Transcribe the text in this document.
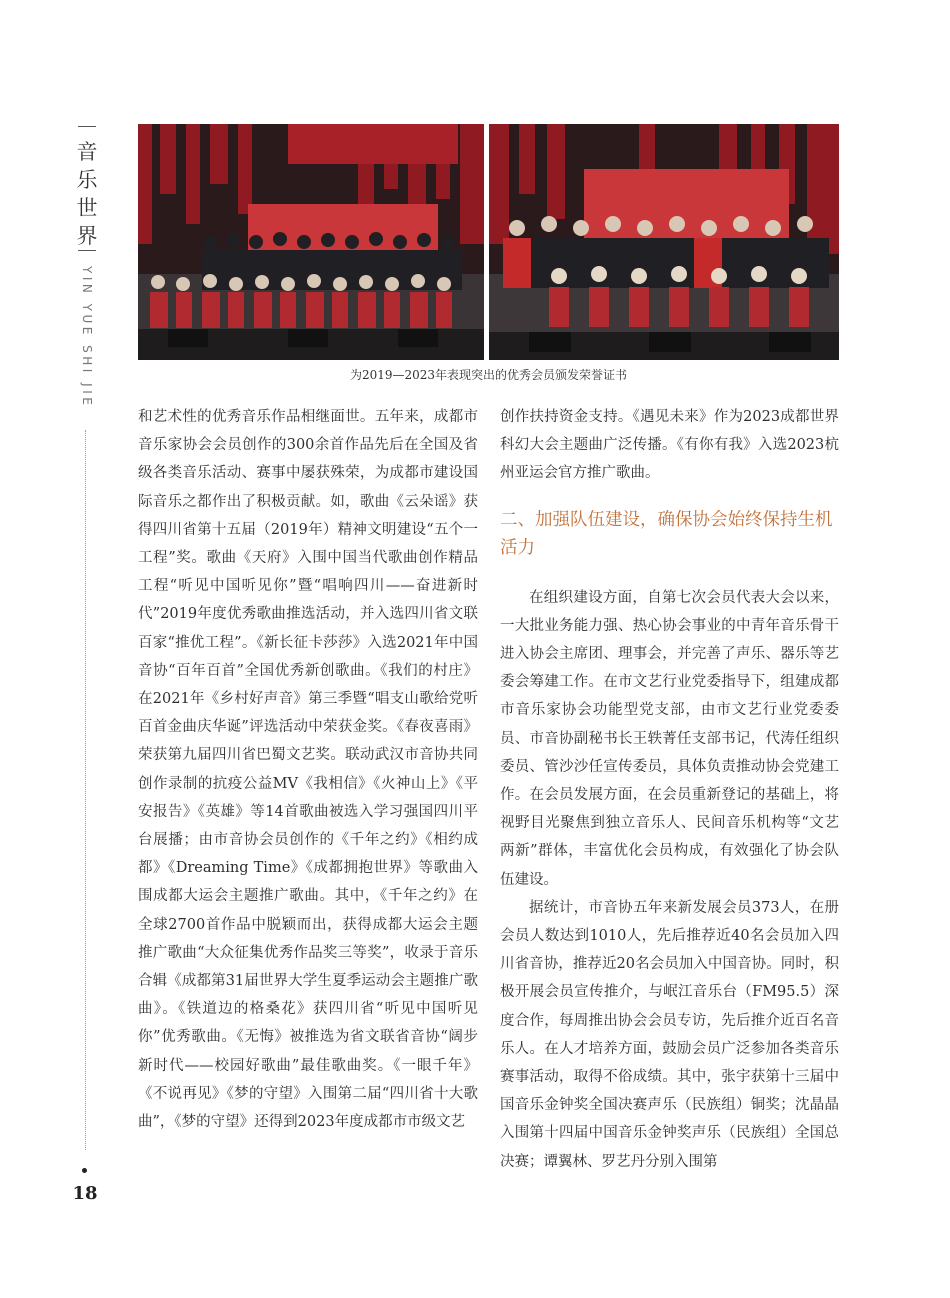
音
乐
世
界
YIN YUE SHI JIE
18
为2019—2023年表现突出的优秀会员颁发荣誉证书

和艺术性的优秀音乐作品相继面世。五年来，成都市音乐家协会会员创作的300余首作品先后在全国及省级各类音乐活动、赛事中屡获殊荣，为成都市建设国际音乐之都作出了积极贡献。如，歌曲《云朵谣》获得四川省第十五届（2019年）精神文明建设“五个一工程”奖。歌曲《天府》入围中国当代歌曲创作精品工程“听见中国听见你”暨“唱响四川——奋进新时代”2019年度优秀歌曲推选活动，并入选四川省文联百家“推优工程”。《新长征卡莎莎》入选2021年中国音协“百年百首”全国优秀新创歌曲。《我们的村庄》在2021年《乡村好声音》第三季暨“唱支山歌给党听 百首金曲庆华诞”评选活动中荣获金奖。《春夜喜雨》荣获第九届四川省巴蜀文艺奖。联动武汉市音协共同创作录制的抗疫公益MV《我相信》《火神山上》《平安报告》《英雄》等14首歌曲被选入学习强国四川平台展播；由市音协会员创作的《千年之约》《相约成都》《Dreaming Time》《成都拥抱世界》等歌曲入围成都大运会主题推广歌曲。其中，《千年之约》在全球2700首作品中脱颖而出，获得成都大运会主题推广歌曲“大众征集优秀作品奖三等奖”，收录于音乐合辑《成都第31届世界大学生夏季运动会主题推广歌曲》。《铁道边的格桑花》获四川省“听见中国听见你”优秀歌曲。《无悔》被推选为省文联省音协“阔步新时代——校园好歌曲”最佳歌曲奖。《一眼千年》《不说再见》《梦的守望》入围第二届“四川省十大歌曲”，《梦的守望》还得到2023年度成都市市级文艺

创作扶持资金支持。《遇见未来》作为2023成都世界科幻大会主题曲广泛传播。《有你有我》入选2023杭州亚运会官方推广歌曲。

二、加强队伍建设，确保协会始终保持生机活力

在组织建设方面，自第七次会员代表大会以来，一大批业务能力强、热心协会事业的中青年音乐骨干进入协会主席团、理事会，并完善了声乐、器乐等艺委会筹建工作。在市文艺行业党委指导下，组建成都市音乐家协会功能型党支部，由市文艺行业党委委员、市音协副秘书长王轶菁任支部书记，代涛任组织委员、管沙沙任宣传委员，具体负责推动协会党建工作。在会员发展方面，在会员重新登记的基础上，将视野目光聚焦到独立音乐人、民间音乐机构等“文艺两新”群体，丰富优化会员构成，有效强化了协会队伍建设。

据统计，市音协五年来新发展会员373人，在册会员人数达到1010人，先后推荐近40名会员加入四川省音协，推荐近20名会员加入中国音协。同时，积极开展会员宣传推介，与岷江音乐台（FM95.5）深度合作，每周推出协会会员专访，先后推介近百名音乐人。在人才培养方面，鼓励会员广泛参加各类音乐赛事活动，取得不俗成绩。其中，张宇获第十三届中国音乐金钟奖全国决赛声乐（民族组）铜奖；沈晶晶入围第十四届中国音乐金钟奖声乐（民族组）全国总决赛；谭翼林、罗艺丹分别入围第
